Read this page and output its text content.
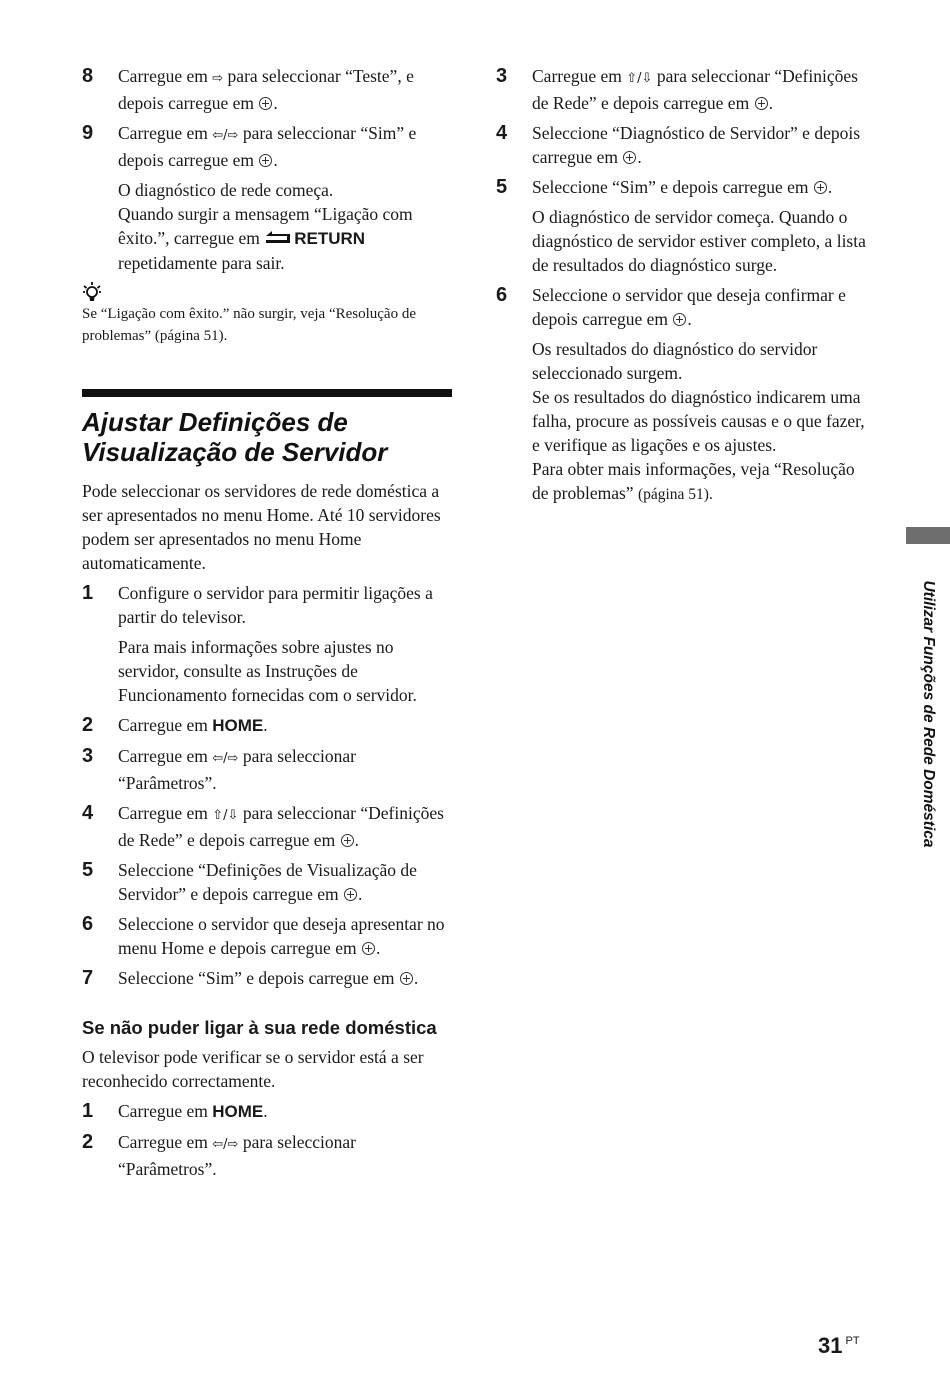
8	Carregue em ⇨ para seleccionar “Teste”, e depois carregue em .

9	Carregue em ⇦/⇨ para seleccionar “Sim” e depois carregue em .

O diagnóstico de rede começa.

Quando surgir a mensagem “Ligação com êxito.”, carregue em RETURN repetidamente para sair.

Se “Ligação com êxito.” não surgir, veja “Resolução de problemas” (página 51).

Ajustar Definições de Visualização de Servidor

Pode seleccionar os servidores de rede doméstica a ser apresentados no menu Home. Até 10 servidores podem ser apresentados no menu Home automaticamente.

1	Configure o servidor para permitir ligações a partir do televisor.

Para mais informações sobre ajustes no servidor, consulte as Instruções de Funcionamento fornecidas com o servidor.

2	Carregue em HOME.

3	Carregue em ⇦/⇨ para seleccionar “Parâmetros”.

4	Carregue em ⇧/⇩ para seleccionar “Definições de Rede” e depois carregue em .

5	Seleccione “Definições de Visualização de Servidor” e depois carregue em .

6	Seleccione o servidor que deseja apresentar no menu Home e depois carregue em .

7	Seleccione “Sim” e depois carregue em .

Se não puder ligar à sua rede doméstica

O televisor pode verificar se o servidor está a ser reconhecido correctamente.

1	Carregue em HOME.

2	Carregue em ⇦/⇨ para seleccionar “Parâmetros”.

3	Carregue em ⇧/⇩ para seleccionar “Definições de Rede” e depois carregue em .

4	Seleccione “Diagnóstico de Servidor” e depois carregue em .

5	Seleccione “Sim” e depois carregue em .

O diagnóstico de servidor começa. Quando o diagnóstico de servidor estiver completo, a lista de resultados do diagnóstico surge.

6	Seleccione o servidor que deseja confirmar e depois carregue em .

Os resultados do diagnóstico do servidor seleccionado surgem.

Se os resultados do diagnóstico indicarem uma falha, procure as possíveis causas e o que fazer, e verifique as ligações e os ajustes.

Para obter mais informações, veja “Resolução de problemas” (página 51).

Utilizar Funções de Rede Doméstica
31 $^{PT}$
